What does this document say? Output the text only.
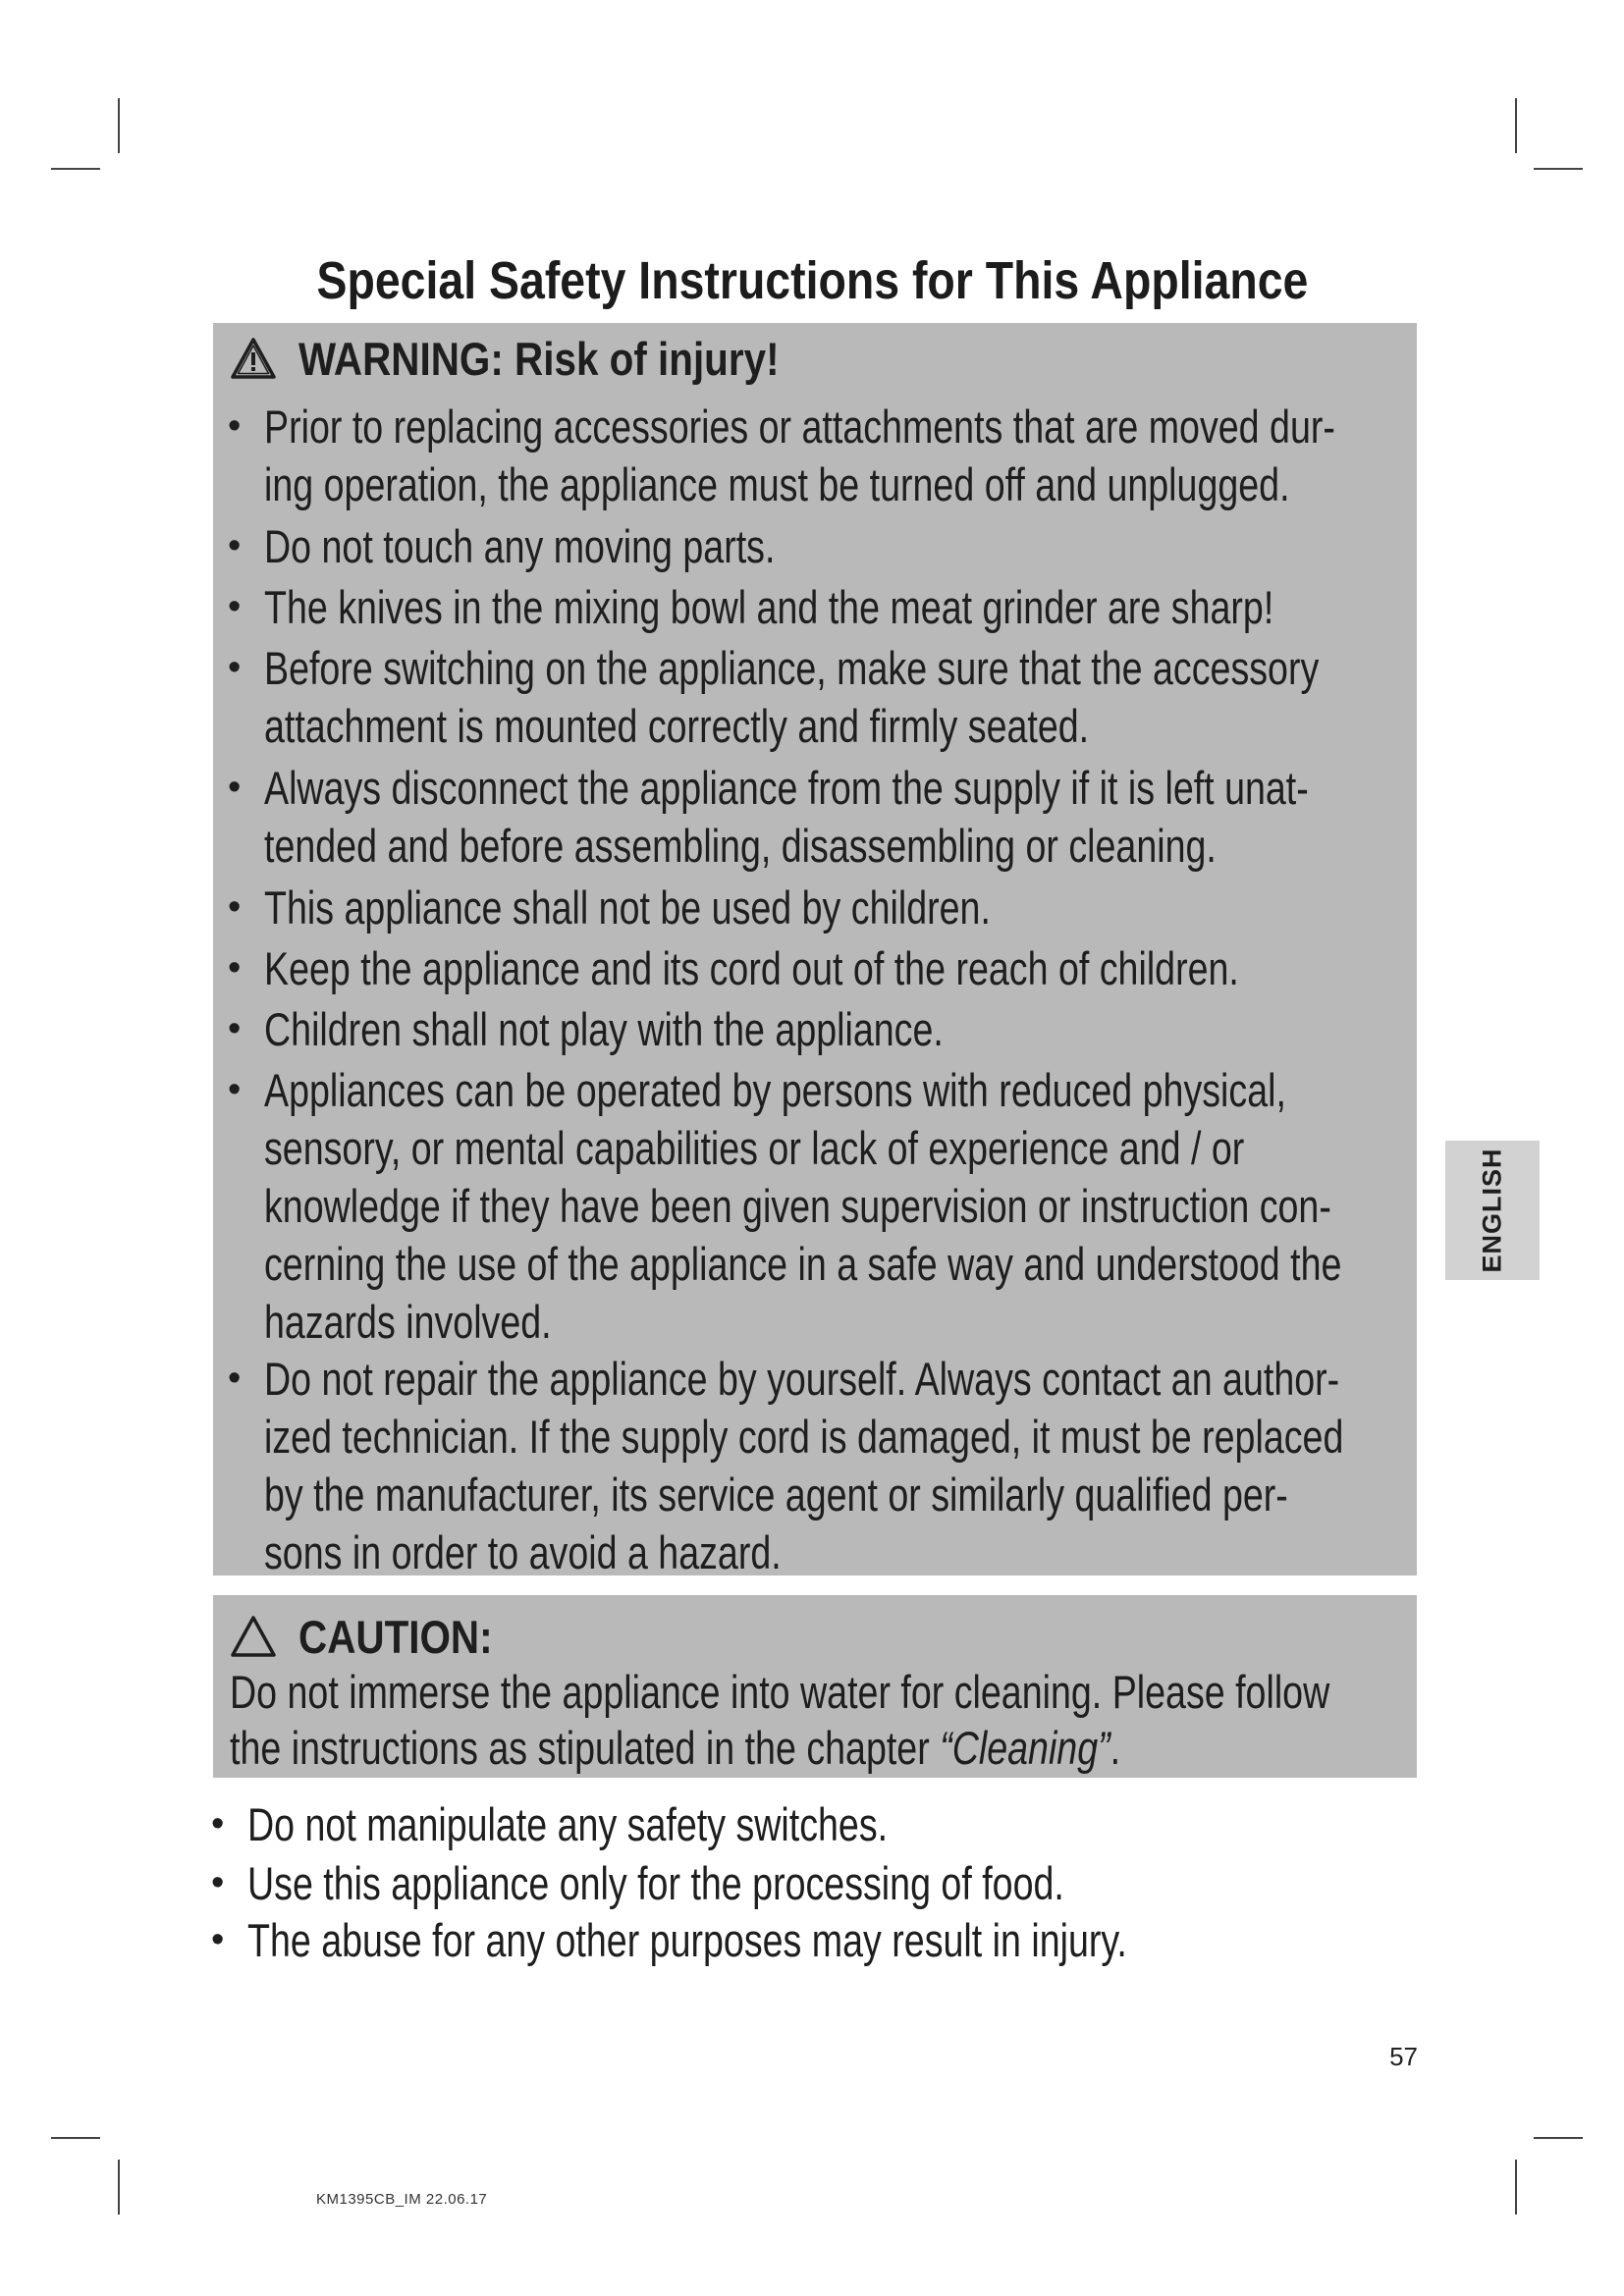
Special Safety Instructions for This Appliance
WARNING: Risk of injury!
• Prior to replacing accessories or attachments that are moved dur-
ing operation, the appliance must be turned off and unplugged.
• Do not touch any moving parts.
• The knives in the mixing bowl and the meat grinder are sharp!
• Before switching on the appliance, make sure that the accessory
attachment is mounted correctly and firmly seated.
• Always disconnect the appliance from the supply if it is left unat-
tended and before assembling, disassembling or cleaning.
• This appliance shall not be used by children.
• Keep the appliance and its cord out of the reach of children.
• Children shall not play with the appliance.
• Appliances can be operated by persons with reduced physical,
sensory, or mental capabilities or lack of experience and / or
knowledge if they have been given supervision or instruction con-
cerning the use of the appliance in a safe way and understood the
hazards involved.
• Do not repair the appliance by yourself. Always contact an author-
ized technician. If the supply cord is damaged, it must be replaced
by the manufacturer, its service agent or similarly qualified per-
sons in order to avoid a hazard.
CAUTION:
Do not immerse the appliance into water for cleaning. Please follow
the instructions as stipulated in the chapter “Cleaning”.
• Do not manipulate any safety switches.
• Use this appliance only for the processing of food.
• The abuse for any other purposes may result in injury.
ENGLISH
57
KM1395CB_IM 22.06.17
